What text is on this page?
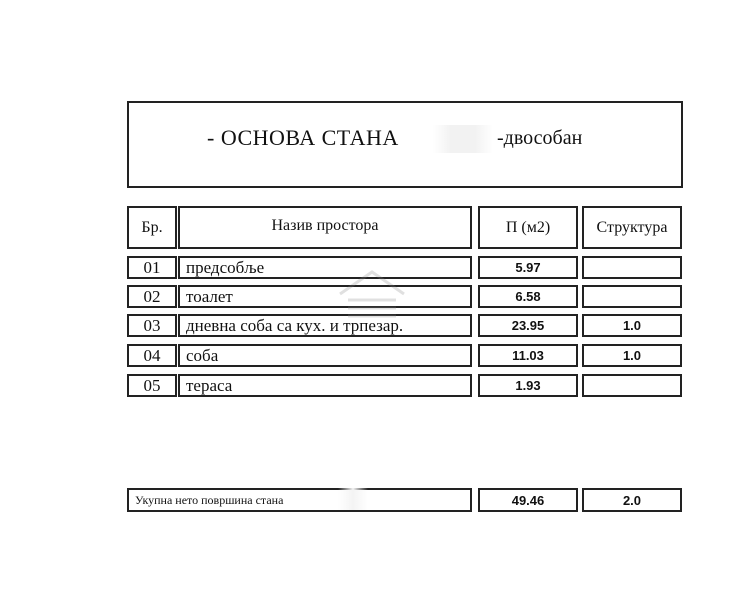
- ОСНОВА СТАНА	-двособан
Бр.	Назив простора	П (м2)	Структура
01	предсобље	5.97
02	тоалет	6.58
03	дневна соба са кух. и трпезар.	23.95	1.0
04	соба	11.03	1.0
05	тераса	1.93
Укупна нето површина стана	49.46	2.0
